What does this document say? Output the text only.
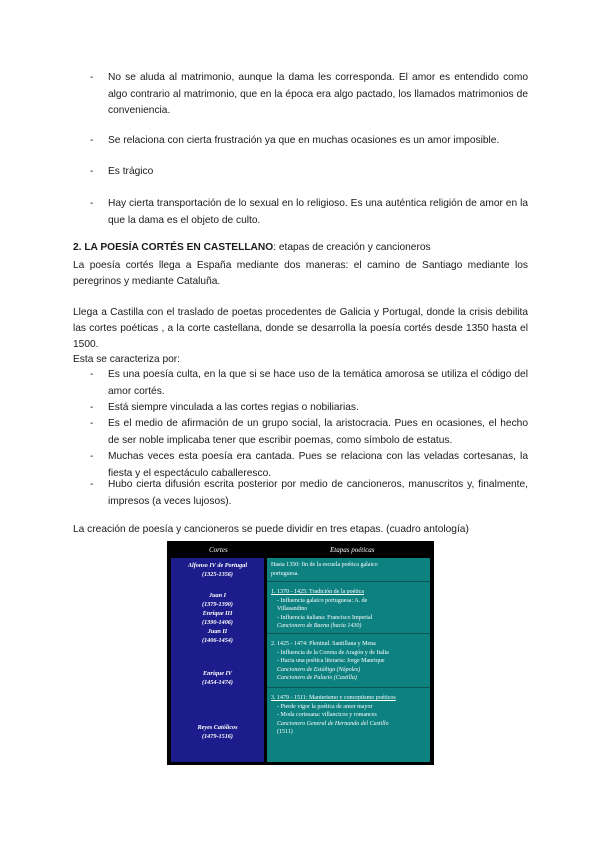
- No se aluda al matrimonio, aunque la dama les corresponda. El amor es entendido como algo contrario al matrimonio, que en la época era algo pactado, los llamados matrimonios de conveniencia.
- Se relaciona con cierta frustración ya que en muchas ocasiones es un amor imposible.
- Es trágico
- Hay cierta transportación de lo sexual en lo religioso. Es una auténtica religión de amor en la que la dama es el objeto de culto.
2. LA POESÍA CORTÉS EN CASTELLANO: etapas de creación y cancioneros
La poesía cortés llega a España mediante dos maneras: el camino de Santiago mediante los peregrinos y mediante Cataluña.
Llega a Castilla con el traslado de poetas procedentes de Galicia y Portugal, donde la crisis debilita las cortes poéticas , a la corte castellana, donde se desarrolla la poesía cortés desde 1350 hasta el 1500.
Esta se caracteriza por:
- Es una poesía culta, en la que si se hace uso de la temática amorosa se utiliza el código del amor cortés.
- Está siempre vinculada a las cortes regias o nobiliarias.
- Es el medio de afirmación de un grupo social, la aristocracia. Pues en ocasiones, el hecho de ser noble implicaba tener que escribir poemas, como símbolo de estatus.
- Muchas veces esta poesía era cantada. Pues se relaciona con las veladas cortesanas, la fiesta y el espectáculo caballeresco.
- Hubo cierta difusión escrita posterior por medio de cancioneros, manuscritos y, finalmente, impresos (a veces lujosos).
La creación de poesía y cancioneros se puede dividir en tres etapas. (cuadro antología)
Cortes	Etapas poéticas
Alfonso IV de Portugal
(1325-1356)
Juan I
(1379-1390)
Enrique III
(1390-1406)
Juan II
(1406-1454)
Enrique IV
(1454-1474)
Reyes Católicos
(1479-1516)
Hasta 1350: fin de la escuela poética galaico
portuguesa.
1. 1370 - 1425: Tradición de la poética
- Influencia galaico portuguesa: A. de
Villasandino
- Influencia italiana: Francisco Imperial
Cancionero de Baena (hacia 1430)
2. 1425 - 1474: Plenitud. Santillana y Mena
- Influencia de la Corona de Aragón y de Italia
- Hacia una poética literaria: Jorge Manrique
Cancionero de Estúñiga (Nápoles)
Cancionero de Palacio (Castilla)
3. 1479 - 1511: Manierismo y conceptismo poéticos
- Pierde vigor la poética de amor mayor
- Moda cortesana: villancicos y romances
Cancionero General de Hernando del Castillo
(1511)
